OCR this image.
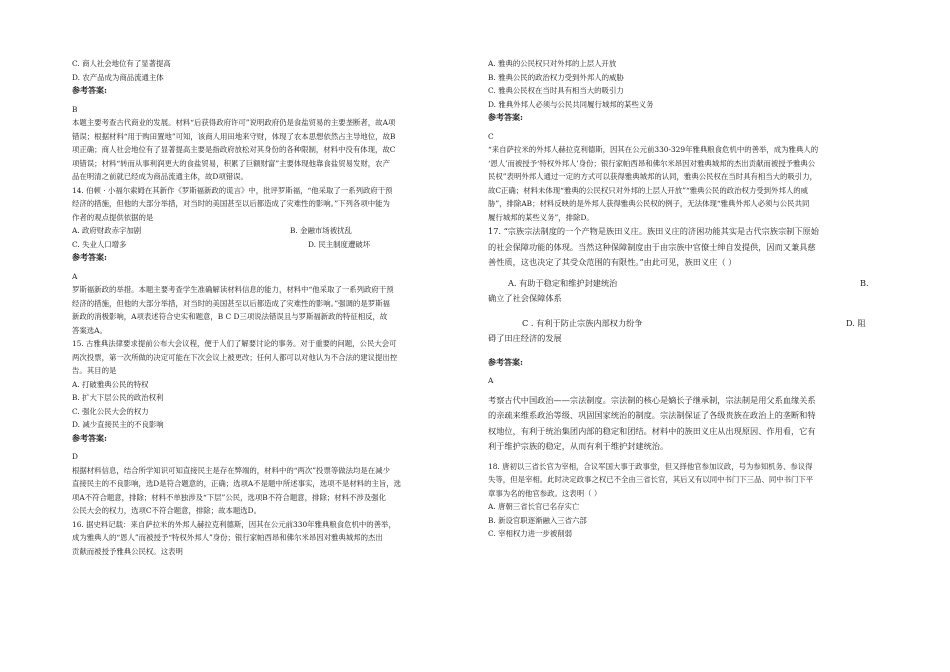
C. 商人社会地位有了显著提高
D. 农产品成为商品流通主体
参考答案:
B
本题主要考查古代商业的发展。材料“后获得政府许可”说明政府仍是食盐贸易的主要垄断者，故A项
错误；根据材料“用于购田置地”可知，该商人用田地来守财，体现了农本思想依然占主导地位，故B
项正确；商人社会地位有了显著提高主要是指政府放松对其身份的各种限制，材料中没有体现，故C
项错误；材料“转而从事利润更大的食盐贸易，积累了巨额财富”主要体现他靠食盐贸易发财，农产
品在明清之前就已经成为商品流通主体，故D项错误。
14. 伯顿 · 小福尔索姆在其新作《罗斯福新政的谎言》中，批评罗斯福，“他采取了一系列政府干预
经济的措施，但他的大部分举措，对当时的美国甚至以后都造成了灾难性的影响。”下列各项中能为
作者的观点提供依据的是
A. 政府财政赤字加剧	B. 金融市场被扰乱
C. 失业人口增多	D. 民主制度遭破坏
参考答案:
A
罗斯福新政的举措。本题主要考查学生准确解读材料信息的能力，材料中“他采取了一系列政府干预
经济的措施，但他的大部分举措，对当时的美国甚至以后都造成了灾难性的影响。”强调的是罗斯福
新政的消极影响，A项表述符合史实和题意，B C D三项说法错误且与罗斯福新政的特征相反，故
答案选A。
15. 古雅典法律要求提前公布大会议程，便于人们了解要讨论的事务。对于重要的问题，公民大会可
两次投票，第一次所做的决定可能在下次会议上被更改；任何人都可以对他认为不合法的建议提出控
告。其目的是
A. 打破雅典公民的特权
B. 扩大下层公民的政治权利
C. 强化公民大会的权力
D. 减少直接民主的不良影响
参考答案:
D
根据材料信息，结合所学知识可知直接民主是存在弊端的，材料中的“两次”投票等做法均是在减少
直接民主的不良影响，选D是符合题意的，正确；选项A不是题中所述事实，选项不是材料的主旨，选
项A不符合题意，排除；材料不单独涉及“下层”公民，选项B不符合题意，排除；材料不涉及强化
公民大会的权力，选项C不符合题意，排除；故本题选D。
16. 据史料记载：来自萨拉米的外邦人赫拉克利德斯，因其在公元前330年雅典粮食危机中的善举，
成为雅典人的“恩人”而被授予“特权外邦人”身份；银行家帕西昂和佛尔米昂因对雅典城邦的杰出
贡献而被授予雅典公民权。这表明
A. 雅典的公民权只对外邦的上层人开放
B. 雅典公民的政治权力受到外邦人的威胁
C. 雅典公民权在当时具有相当大的吸引力
D. 雅典外邦人必须与公民共同履行城邦的某些义务
参考答案:
C
“来自萨拉米的外邦人赫拉克利德斯，因其在公元前330-329年雅典粮食危机中的善举，成为雅典人的
‘恩人’而被授予‘特权外邦人’身份；银行家帕西昂和佛尔米昂因对雅典城邦的杰出贡献而被授予雅典公
民权”表明外邦人通过一定的方式可以获得雅典城邦的认同，雅典公民权在当时具有相当大的吸引力，
故C正确；材料未体现“雅典的公民权只对外邦的上层人开放”“雅典公民的政治权力受到外邦人的威
胁”，排除AB；材料反映的是外邦人获得雅典公民权的例子，无法体现“雅典外邦人必须与公民共同
履行城邦的某些义务”，排除D。
17. “宗族宗法制度的一个产物是族田义庄。族田义庄的济困功能其实是古代宗族宗制下原始
的社会保障功能的体现。当然这种保障制度由于由宗族中官僚士绅自发提供，因而又兼具慈
善性质，这也决定了其受众范围的有限性。”由此可见，族田义庄（ ）
A. 有助于稳定和维护封建统治	B.
确立了社会保障体系
C . 有利于防止宗族内部权力纷争	D. 阻
碍了田庄经济的发展
参考答案:
A
考察古代中国政治——宗法制度。宗法制的核心是嫡长子继承制，宗法制是用父系血缘关系
的亲疏来维系政治等级、巩固国家统治的制度。宗法制保证了各级贵族在政治上的垄断和特
权地位，有利于统治集团内部的稳定和团结。材料中的族田义庄从出现原因、作用看，它有
利于维护宗族的稳定，从而有利于维护封建统治。
18. 唐初以三省长官为宰相，合议军国大事于政事堂，但又择他官参加议政，号为参知机务、参议得
失等，但是宰相。此时决定政事之权已不全由三省长官，其后又有以同中书门下三品、同中书门下平
章事为名的他官参政。这表明（ ）
A. 唐朝三省长官已名存实亡
B. 新设官职逐渐融入三省六部
C. 宰相权力进一步被削弱
